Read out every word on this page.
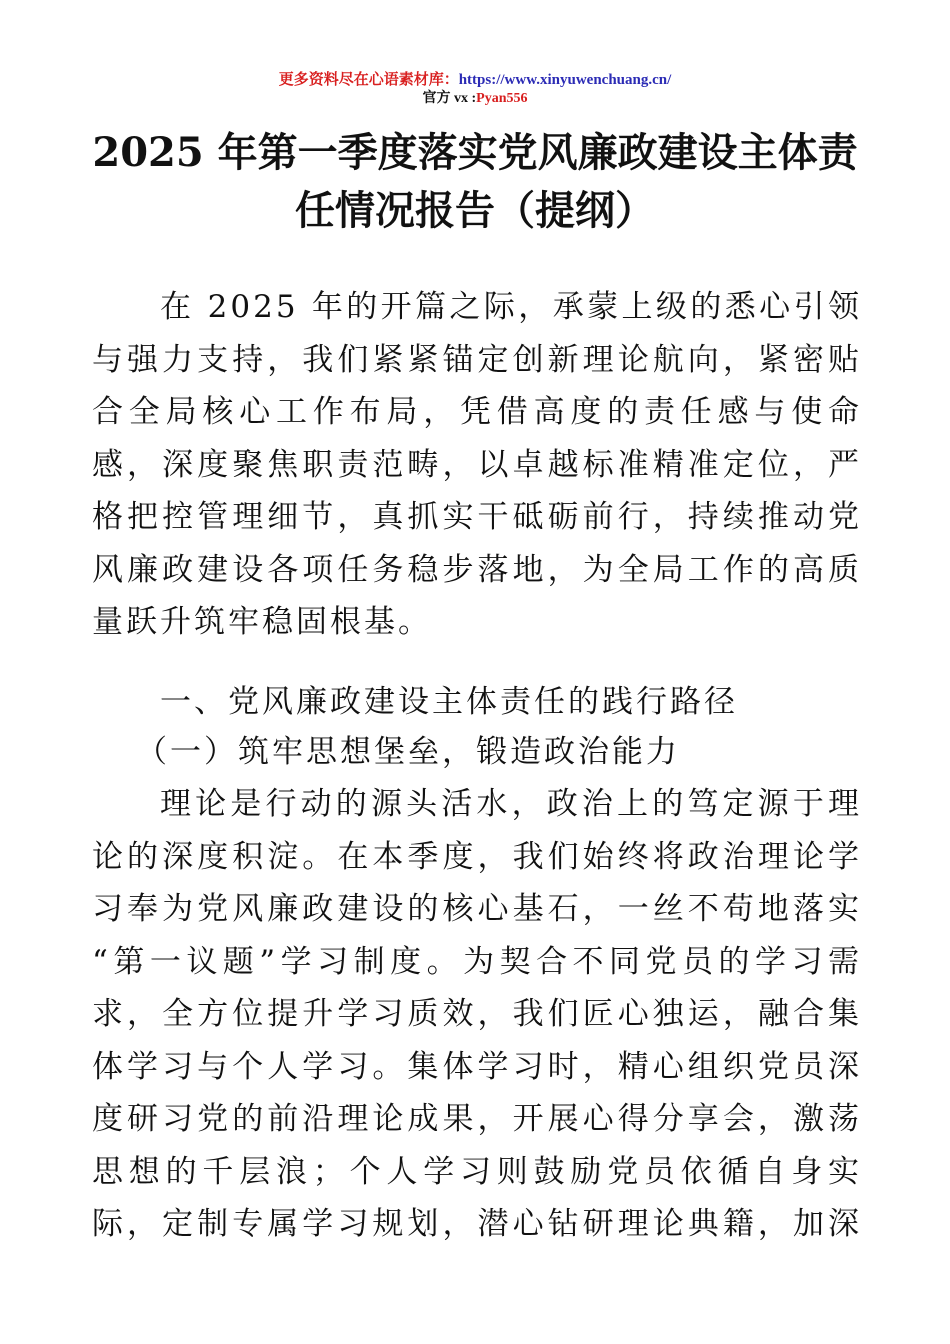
更多资料尽在心语素材库：https://www.xinyuwenchuang.cn/
官方 vx :Pyan556
2025 年第一季度落实党风廉政建设主体责
任情况报告（提纲）
在 2025 年的开篇之际，承蒙上级的悉心引领
与强力支持，我们紧紧锚定创新理论航向，紧密贴
合全局核心工作布局，凭借高度的责任感与使命
感，深度聚焦职责范畴，以卓越标准精准定位，严
格把控管理细节，真抓实干砥砺前行，持续推动党
风廉政建设各项任务稳步落地，为全局工作的高质
量跃升筑牢稳固根基。
一、党风廉政建设主体责任的践行路径
（一）筑牢思想堡垒，锻造政治能力
理论是行动的源头活水，政治上的笃定源于理
论的深度积淀。在本季度，我们始终将政治理论学
习奉为党风廉政建设的核心基石，一丝不苟地落实
“第一议题”学习制度。为契合不同党员的学习需
求，全方位提升学习质效，我们匠心独运，融合集
体学习与个人学习。集体学习时，精心组织党员深
度研习党的前沿理论成果，开展心得分享会，激荡
思想的千层浪；个人学习则鼓励党员依循自身实
际，定制专属学习规划，潜心钻研理论典籍，加深
